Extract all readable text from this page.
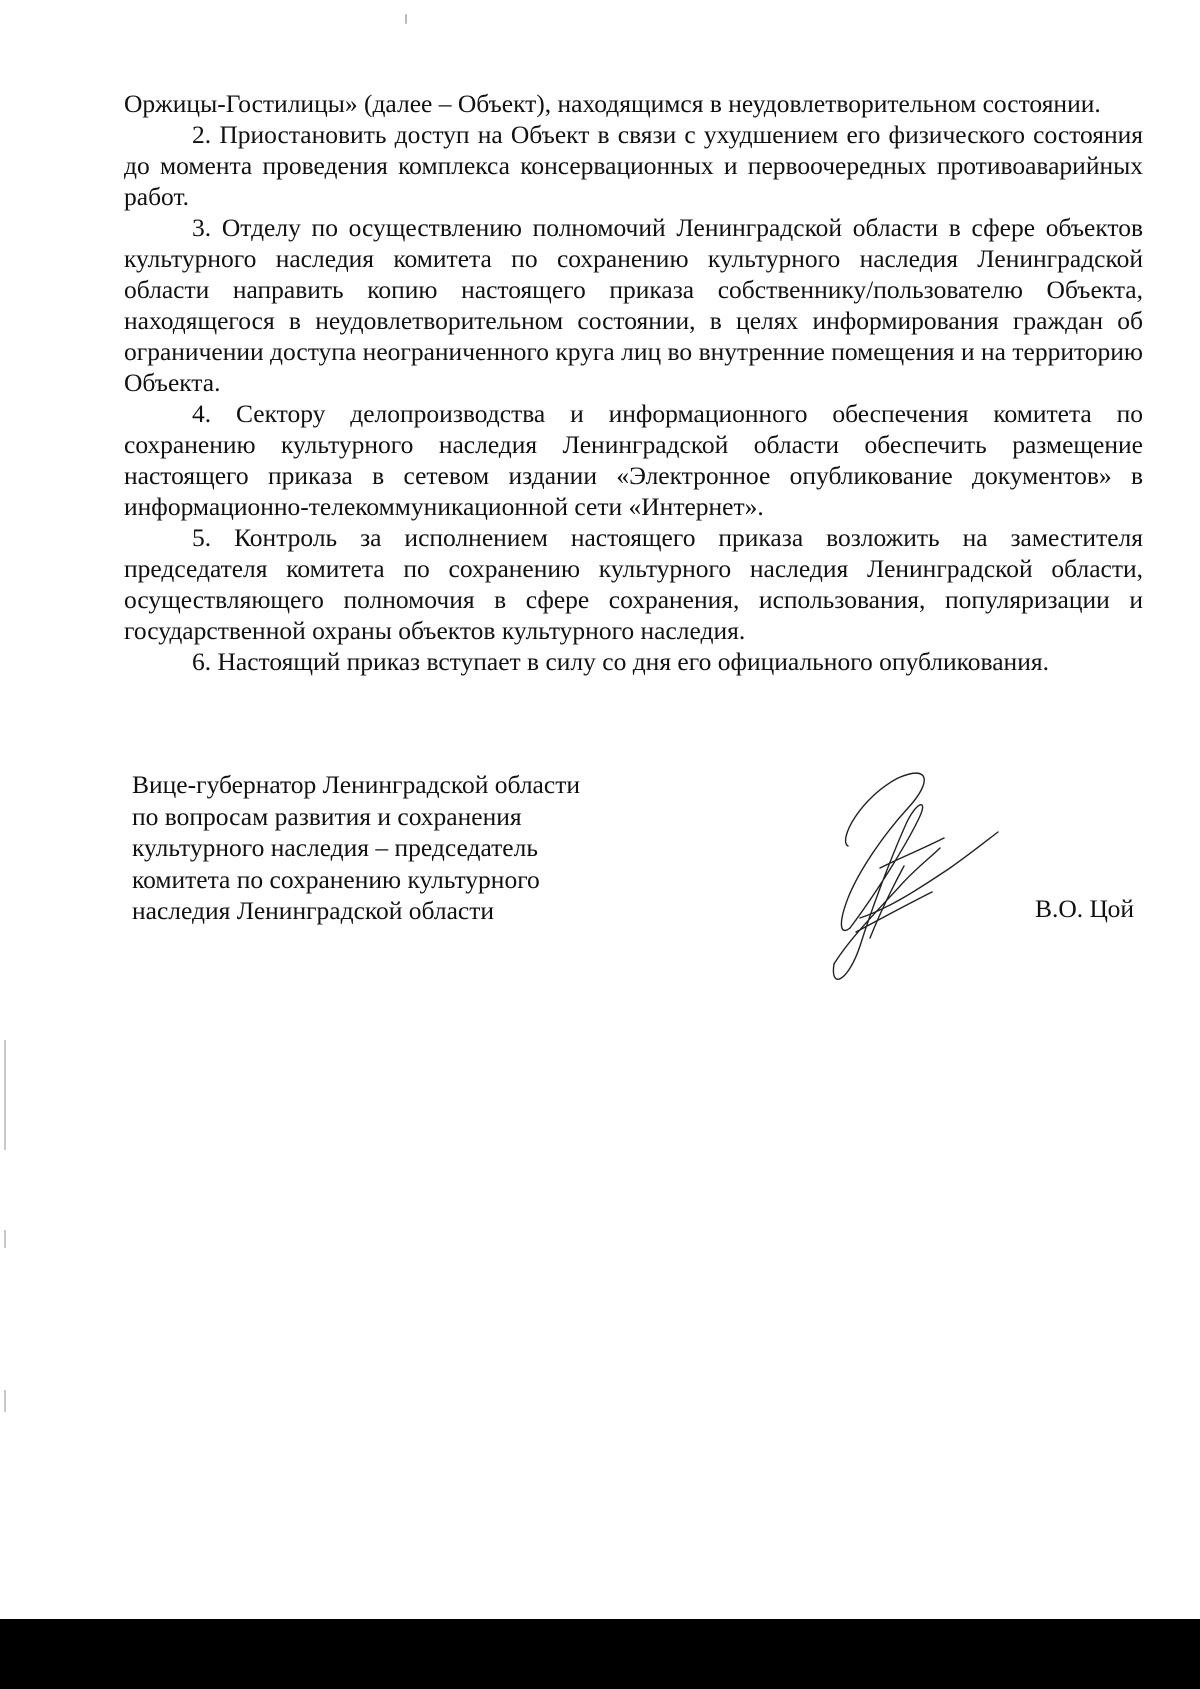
Оржицы-Гостилицы» (далее – Объект), находящимся в неудовлетворительном состоянии.

2. Приостановить доступ на Объект в связи с ухудшением его физического состояния до момента проведения комплекса консервационных и первоочередных противоаварийных работ.

3. Отделу по осуществлению полномочий Ленинградской области в сфере объектов культурного наследия комитета по сохранению культурного наследия Ленинградской области направить копию настоящего приказа собственнику/пользователю Объекта, находящегося в неудовлетворительном состоянии, в целях информирования граждан об ограничении доступа неограниченного круга лиц во внутренние помещения и на территорию Объекта.

4. Сектору делопроизводства и информационного обеспечения комитета по сохранению культурного наследия Ленинградской области обеспечить размещение настоящего приказа в сетевом издании «Электронное опубликование документов» в информационно-телекоммуникационной сети «Интернет».

5. Контроль за исполнением настоящего приказа возложить на заместителя председателя комитета по сохранению культурного наследия Ленинградской области, осуществляющего полномочия в сфере сохранения, использования, популяризации и государственной охраны объектов культурного наследия.

6. Настоящий приказ вступает в силу со дня его официального опубликования.

Вице-губернатор Ленинградской области
по вопросам развития и сохранения
культурного наследия – председатель
комитета по сохранению культурного
наследия Ленинградской области	В.О. Цой
